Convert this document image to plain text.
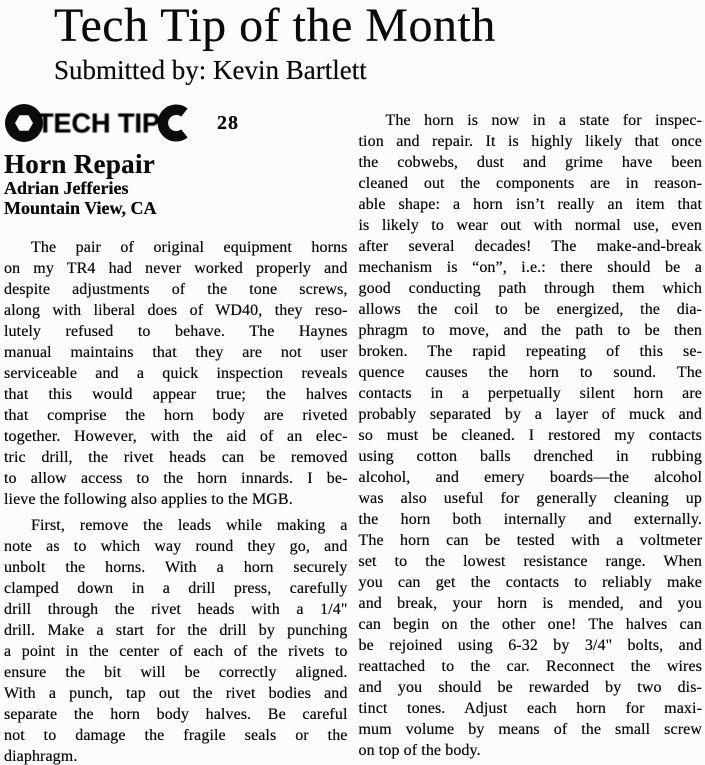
Tech Tip of the Month
Submitted by: Kevin Bartlett
TECH TIP	28
Horn Repair
Adrian Jefferies
Mountain View, CA
The pair of original equipment horns
on my TR4 had never worked properly and
despite adjustments of the tone screws,
along with liberal does of WD40, they reso-
lutely refused to behave. The Haynes
manual maintains that they are not user
serviceable and a quick inspection reveals
that this would appear true; the halves
that comprise the horn body are riveted
together. However, with the aid of an elec-
tric drill, the rivet heads can be removed
to allow access to the horn innards. I be-
lieve the following also applies to the MGB.
First, remove the leads while making a
note as to which way round they go, and
unbolt the horns. With a horn securely
clamped down in a drill press, carefully
drill through the rivet heads with a 1/4"
drill. Make a start for the drill by punching
a point in the center of each of the rivets to
ensure the bit will be correctly aligned.
With a punch, tap out the rivet bodies and
separate the horn body halves. Be careful
not to damage the fragile seals or the
diaphragm.
The horn is now in a state for inspec-
tion and repair. It is highly likely that once
the cobwebs, dust and grime have been
cleaned out the components are in reason-
able shape: a horn isn’t really an item that
is likely to wear out with normal use, even
after several decades! The make-and-break
mechanism is “on”, i.e.: there should be a
good conducting path through them which
allows the coil to be energized, the dia-
phragm to move, and the path to be then
broken. The rapid repeating of this se-
quence causes the horn to sound. The
contacts in a perpetually silent horn are
probably separated by a layer of muck and
so must be cleaned. I restored my contacts
using cotton balls drenched in rubbing
alcohol, and emery boards—the alcohol
was also useful for generally cleaning up
the horn both internally and externally.
The horn can be tested with a voltmeter
set to the lowest resistance range. When
you can get the contacts to reliably make
and break, your horn is mended, and you
can begin on the other one! The halves can
be rejoined using 6-32 by 3/4" bolts, and
reattached to the car. Reconnect the wires
and you should be rewarded by two dis-
tinct tones. Adjust each horn for maxi-
mum volume by means of the small screw
on top of the body.
